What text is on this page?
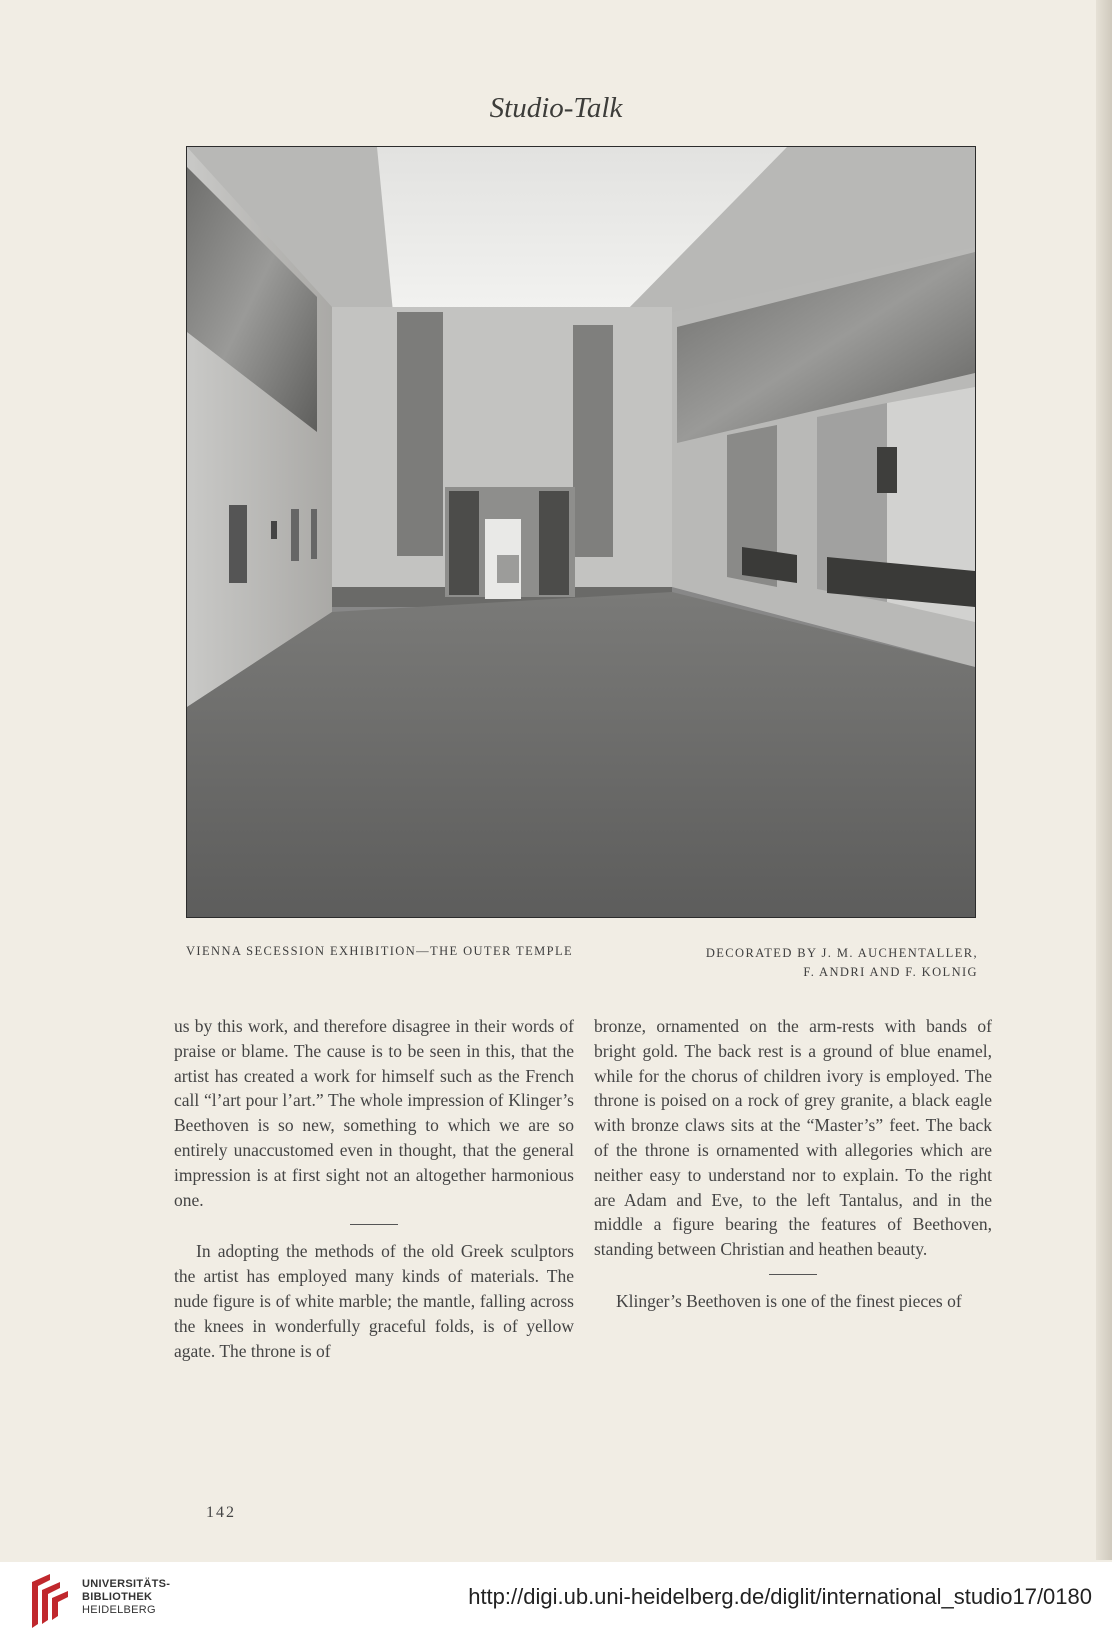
Studio-Talk
VIENNA SECESSION EXHIBITION—THE OUTER TEMPLE	DECORATED BY J. M. AUCHENTALLER,
F. ANDRI AND F. KOLNIG

us by this work, and therefore disagree in their words of praise or blame. The cause is to be seen in this, that the artist has created a work for himself such as the French call “l’art pour l’art.” The whole impression of Klinger’s Beethoven is so new, something to which we are so entirely unaccustomed even in thought, that the general impression is at first sight not an altogether harmonious one.

In adopting the methods of the old Greek sculptors the artist has employed many kinds of materials. The nude figure is of white marble; the mantle, falling across the knees in wonderfully graceful folds, is of yellow agate. The throne is of

bronze, ornamented on the arm-rests with bands of bright gold. The back rest is a ground of blue enamel, while for the chorus of children ivory is employed. The throne is poised on a rock of grey granite, a black eagle with bronze claws sits at the “Master’s” feet. The back of the throne is ornamented with allegories which are neither easy to understand nor to explain. To the right are Adam and Eve, to the left Tantalus, and in the middle a figure bearing the features of Beethoven, standing between Christian and heathen beauty.

Klinger’s Beethoven is one of the finest pieces of

142
UNIVERSITÄTS-
BIBLIOTHEK
HEIDELBERG
http://digi.ub.uni-heidelberg.de/diglit/international_studio17/0180
